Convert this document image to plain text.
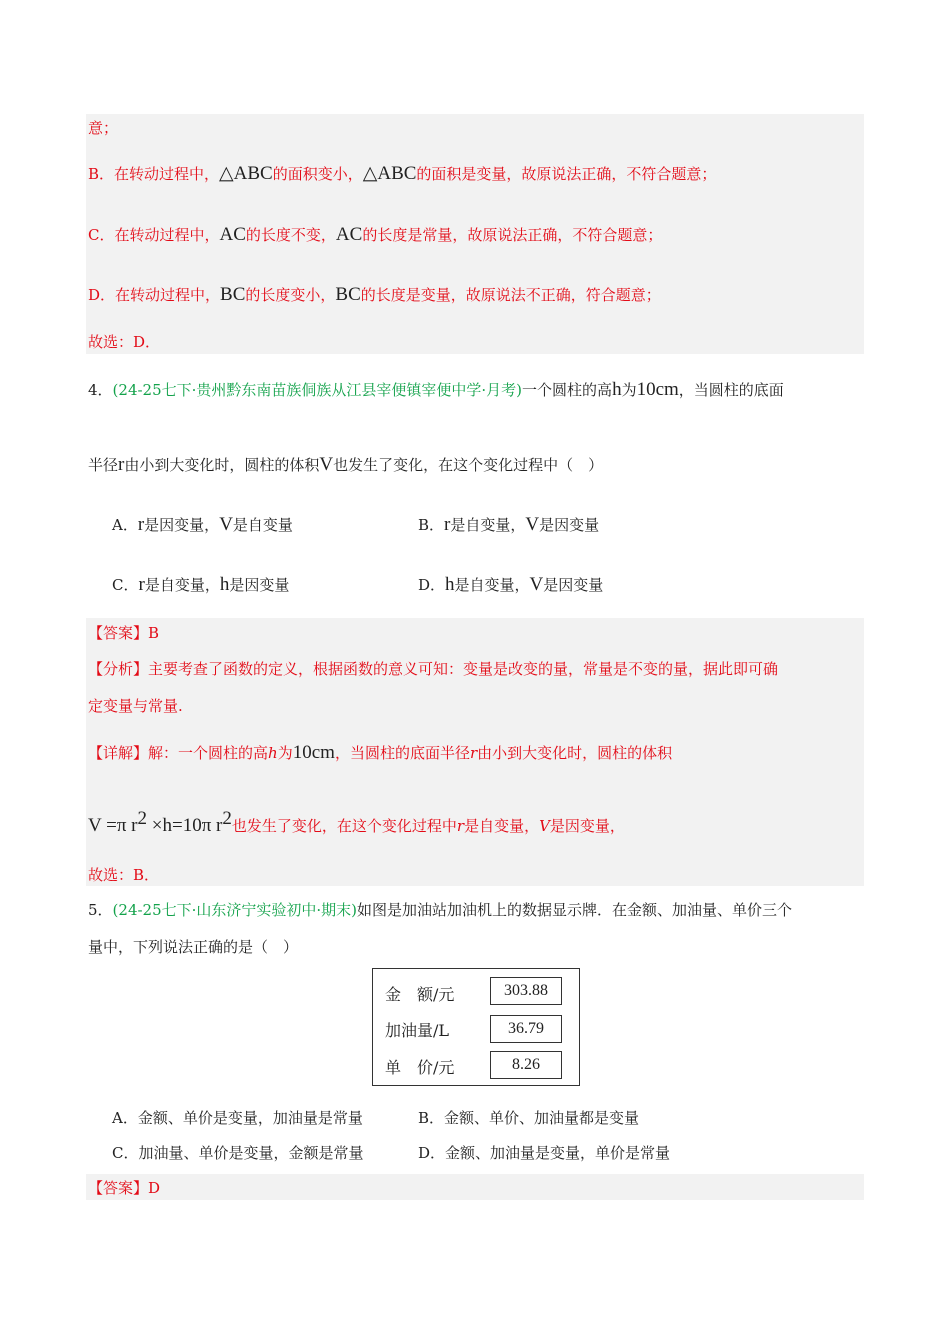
意；
B．在转动过程中，△ABC的面积变小，△ABC的面积是变量，故原说法正确，不符合题意；
C．在转动过程中，AC的长度不变，AC的长度是常量，故原说法正确，不符合题意；
D．在转动过程中，BC的长度变小，BC的长度是变量，故原说法不正确，符合题意；
故选：D．
4．(24-25七下·贵州黔东南苗族侗族从江县宰便镇宰便中学·月考)一个圆柱的高h为10cm，当圆柱的底面
半径r由小到大变化时，圆柱的体积V也发生了变化，在这个变化过程中（　）
A．r是因变量，V是自变量	B．r是自变量，V是因变量
C．r是自变量，h是因变量	D．h是自变量，V是因变量
【答案】B
【分析】主要考查了函数的定义，根据函数的意义可知：变量是改变的量，常量是不变的量，据此即可确
定变量与常量.
【详解】解：一个圆柱的高h为10cm，当圆柱的底面半径r由小到大变化时，圆柱的体积
V =π $r^2 \times h=10\pi$ $r^2$也发生了变化，在这个变化过程中r是自变量，V是因变量，
故选：B．
5．(24-25七下·山东济宁实验初中·期末)如图是加油站加油机上的数据显示牌．在金额、加油量、单价三个
量中，下列说法正确的是（　）
金　额/元	303.88
加油量/L	36.79
单　价/元	8.26
A．金额、单价是变量，加油量是常量	B．金额、单价、加油量都是变量
C．加油量、单价是变量，金额是常量	D．金额、加油量是变量，单价是常量
【答案】D
